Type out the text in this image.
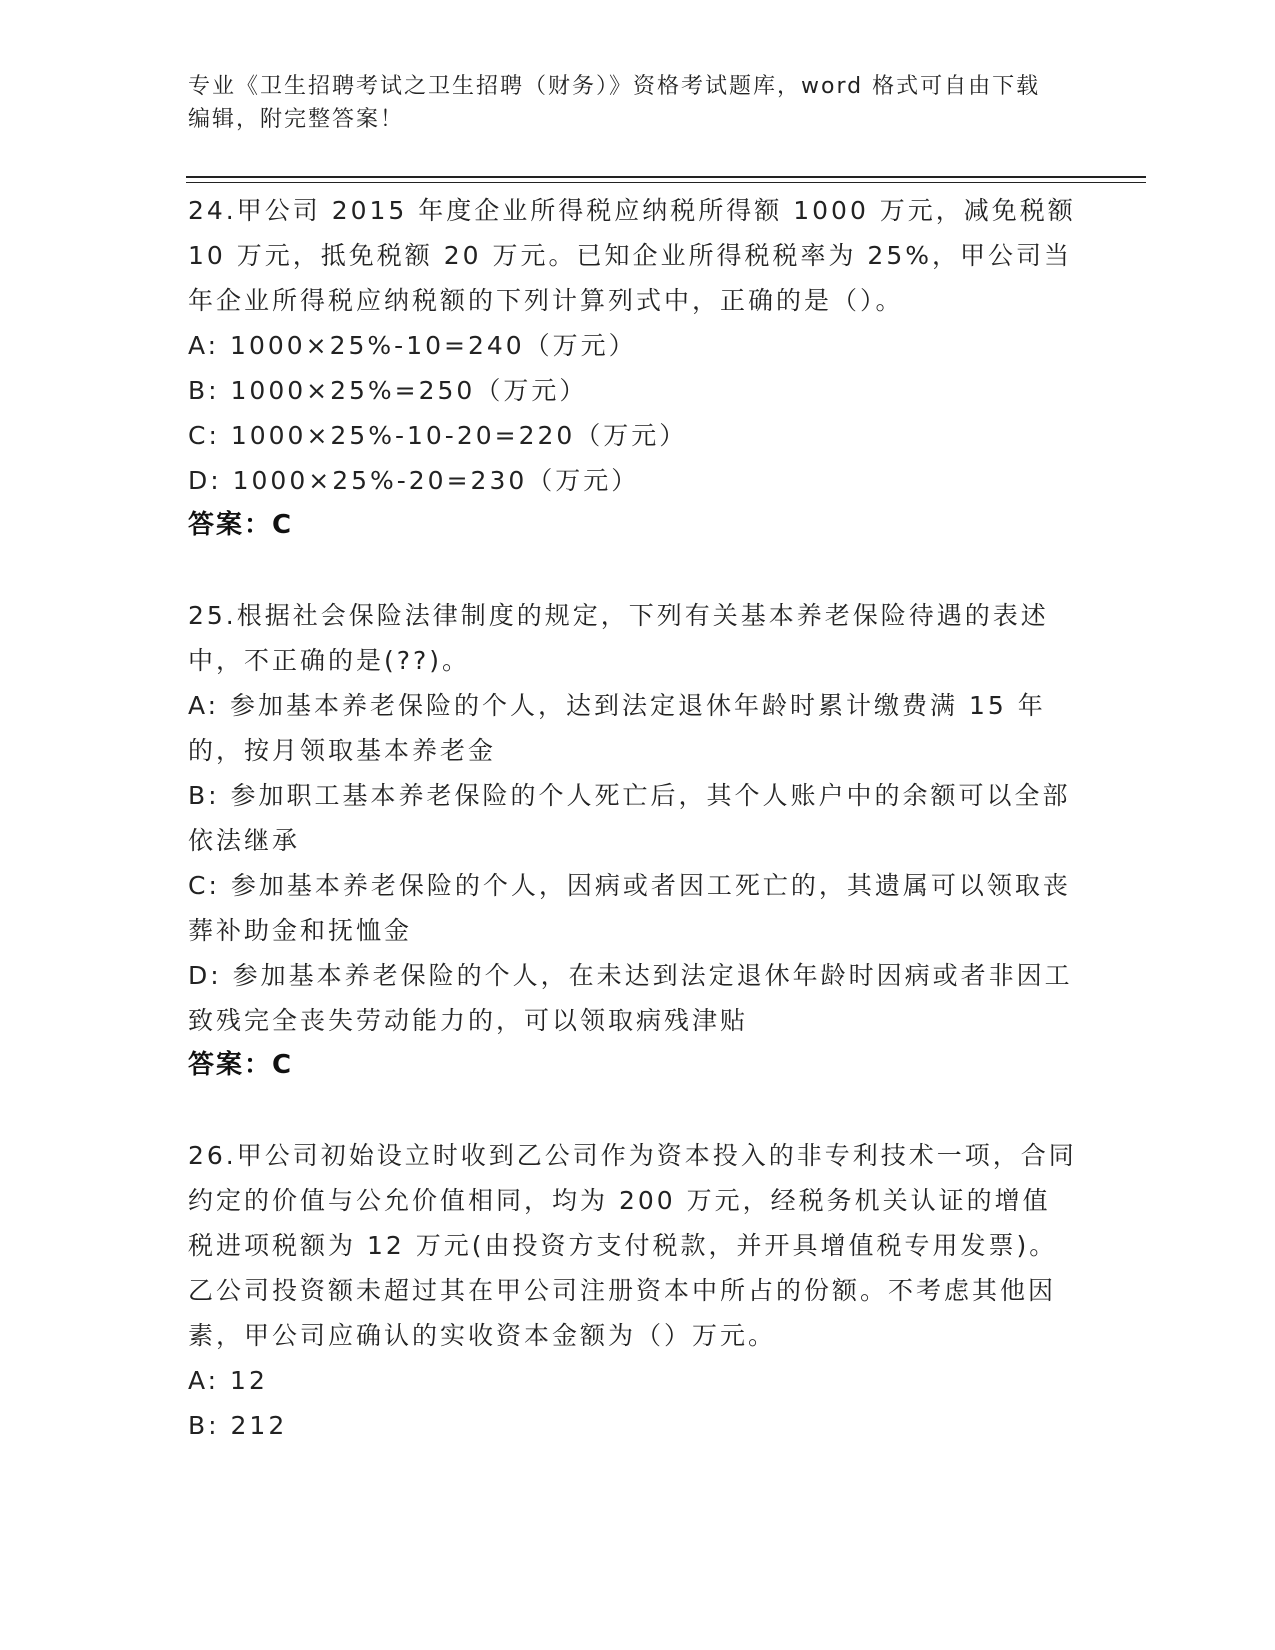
专业《卫生招聘考试之卫生招聘（财务）》资格考试题库，word 格式可自由下载
编辑，附完整答案！

24.甲公司 2015 年度企业所得税应纳税所得额 1000 万元，减免税额 10 万元，抵免税额 20 万元。已知企业所得税税率为 25%，甲公司当年企业所得税应纳税额的下列计算列式中，正确的是（）。

A: 1000×25%-10=240（万元）

B: 1000×25%=250（万元）

C: 1000×25%-10-20=220（万元）

D: 1000×25%-20=230（万元）

答案：C

25.根据社会保险法律制度的规定，下列有关基本养老保险待遇的表述中，不正确的是(??)。

A: 参加基本养老保险的个人，达到法定退休年龄时累计缴费满 15 年的，按月领取基本养老金

B: 参加职工基本养老保险的个人死亡后，其个人账户中的余额可以全部依法继承

C: 参加基本养老保险的个人，因病或者因工死亡的，其遗属可以领取丧葬补助金和抚恤金

D: 参加基本养老保险的个人，在未达到法定退休年龄时因病或者非因工致残完全丧失劳动能力的，可以领取病残津贴

答案：C

26.甲公司初始设立时收到乙公司作为资本投入的非专利技术一项，合同约定的价值与公允价值相同，均为 200 万元，经税务机关认证的增值税进项税额为 12 万元(由投资方支付税款，并开具增值税专用发票)。乙公司投资额未超过其在甲公司注册资本中所占的份额。不考虑其他因素，甲公司应确认的实收资本金额为（）万元。

A: 12

B: 212
